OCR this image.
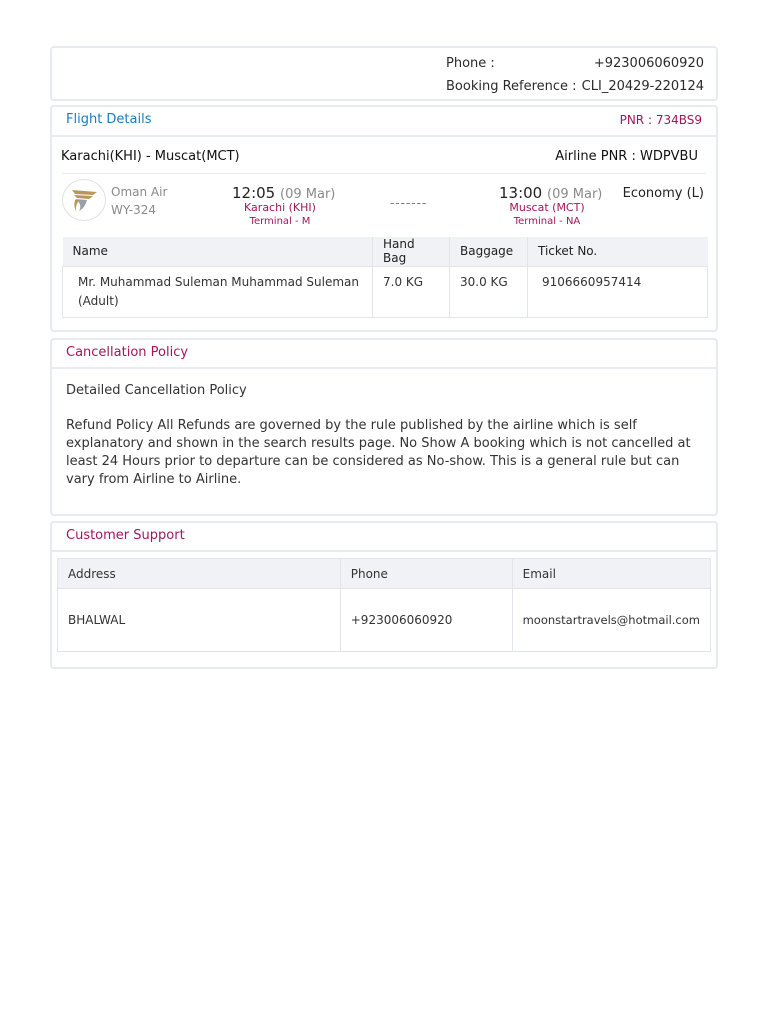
Phone :	+923006060920
Booking Reference : CLI_20429-220124
Flight Details	PNR : 734BS9
Karachi(KHI) - Muscat(MCT)	Airline PNR : WDPVBU
Oman Air
WY-324
12:05 (09 Mar)
Karachi (KHI)
Terminal - M
-------
13:00 (09 Mar)
Muscat (MCT)
Terminal - NA
Economy (L)
Name	Hand Bag	Baggage	Ticket No.
Mr. Muhammad Suleman Muhammad Suleman
(Adult)	7.0 KG	30.0 KG	9106660957414
Cancellation Policy
Detailed Cancellation Policy
Refund Policy All Refunds are governed by the rule published by the airline which is self explanatory and shown in the search results page. No Show A booking which is not cancelled at least 24 Hours prior to departure can be considered as No-show. This is a general rule but can vary from Airline to Airline.
Customer Support
Address	Phone	Email
BHALWAL	+923006060920	moonstartravels@hotmail.com
